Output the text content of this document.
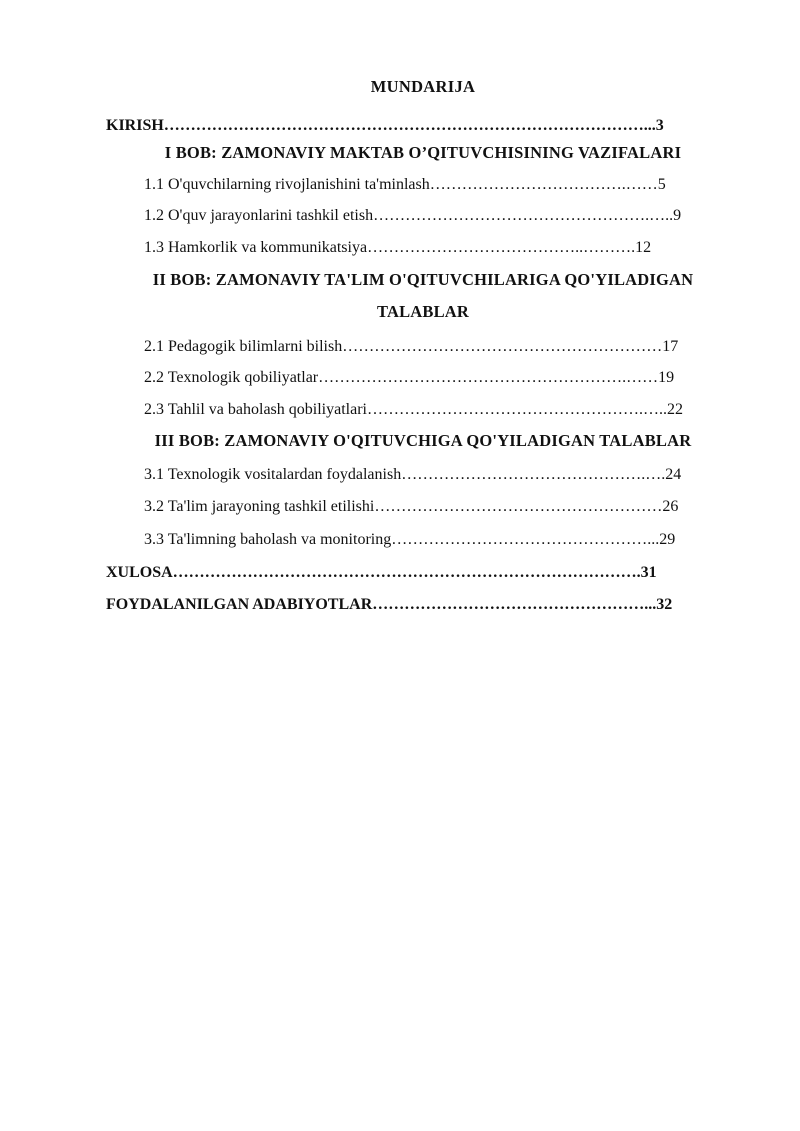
MUNDARIJA
KIRISH………………………………………………………………………………...3
I BOB: ZAMONAVIY MAKTAB O’QITUVCHISINING VAZIFALARI
1.1 O'quvchilarning rivojlanishini ta'minlash……………………………….……5
1.2 O'quv jarayonlarini tashkil etish…………………………………………….…..9
1.3 Hamkorlik va kommunikatsiya…………………………………..……….12
II BOB: ZAMONAVIY TA'LIM O'QITUVCHILARIGA QO'YILADIGAN
TALABLAR
2.1 Pedagogik bilimlarni bilish……………………………………………………17
2.2 Texnologik qobiliyatlar………………………………………………….……19
2.3 Tahlil va baholash qobiliyatlari…………………………………………….…..22
III BOB: ZAMONAVIY O'QITUVCHIGA QO'YILADIGAN TALABLAR
3.1 Texnologik vositalardan foydalanish……………………………………….….24
3.2 Ta'lim jarayoning tashkil etilishi………………………………………………26
3.3 Ta'limning baholash va monitoring…………………………………………...29
XULOSA…………………………………………………………………………….31
FOYDALANILGAN ADABIYOTLAR……………………………………………...32
